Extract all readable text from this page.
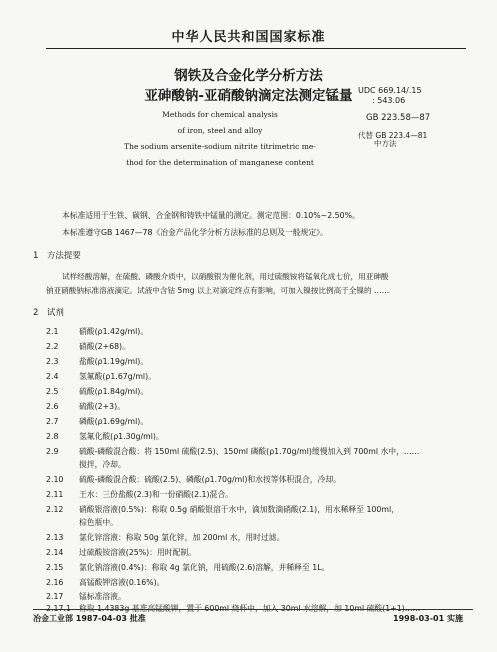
中华人民共和国国家标准
钢铁及合金化学分析方法
亚砷酸钠-亚硝酸钠滴定法测定锰量
Methods for chemical analysis
of iron, steel and alloy
The sodium arsenite-sodium nitrite titrimetric me-
thod for the determination of manganese content
UDC 669.14/.15
: 543.06
GB 223.58—87
代替 GB 223.4—81
中方法
本标准适用于生铁、碳钢、合金钢和铸铁中锰量的测定。测定范围：0.10%~2.50%。
本标准遵守GB 1467—78《冶金产品化学分析方法标准的总则及一般规定》。
1　方法提要
试样经酸溶解，在硫酸、磷酸介质中，以硝酸银为催化剂，用过硫酸铵将锰氧化成七价，用亚砷酸
钠亚硝酸钠标准溶液滴定。试液中含钴 5mg 以上对滴定终点有影响，可加入镍按比例高于全镍的 ……
2　试剂
2.1	硝酸(ρ1.42g/ml)。
2.2	硝酸(2+68)。
2.3	盐酸(ρ1.19g/ml)。
2.4	氢氟酸(ρ1.67g/ml)。
2.5	硫酸(ρ1.84g/ml)。
2.6	硫酸(2+3)。
2.7	磷酸(ρ1.69g/ml)。
2.8	氢氟化酸(ρ1.30g/ml)。
2.9	硫酸-磷酸混合酸：将 150ml 硫酸(2.5)、150ml 磷酸(ρ1.70g/ml)缓慢加入到 700ml 水中，……
搅拌，冷却。
2.10 硫酸-磷酸混合酸：硫酸(2.5)、磷酸(ρ1.70g/ml)和水按等体积混合，冷却。
2.11 王水：三份盐酸(2.3)和一份硝酸(2.1)混合。
2.12 硝酸银溶液(0.5%)：称取 0.5g 硝酸银溶于水中，滴加数滴硝酸(2.1)，用水稀释至 100ml，
棕色瓶中。
2.13 氯化锌溶液：称取 50g 氯化锌，加 200ml 水，用时过滤。
2.14 过硫酸铵溶液(25%)：用时配制。
2.15 氯化钠溶液(0.4%)：称取 4g 氯化钠，用硫酸(2.6)溶解，并稀释至 1L。
2.16 高锰酸钾溶液(0.16%)。
2.17 锰标准溶液。
2.17.1 称取 1.4383g 基准高锰酸钾，置于 600ml 烧杯中，加入 30ml 水溶解，加 10ml 硫酸(1+1)……
冶金工业部 1987-04-03 批准	1998-03-01 实施
